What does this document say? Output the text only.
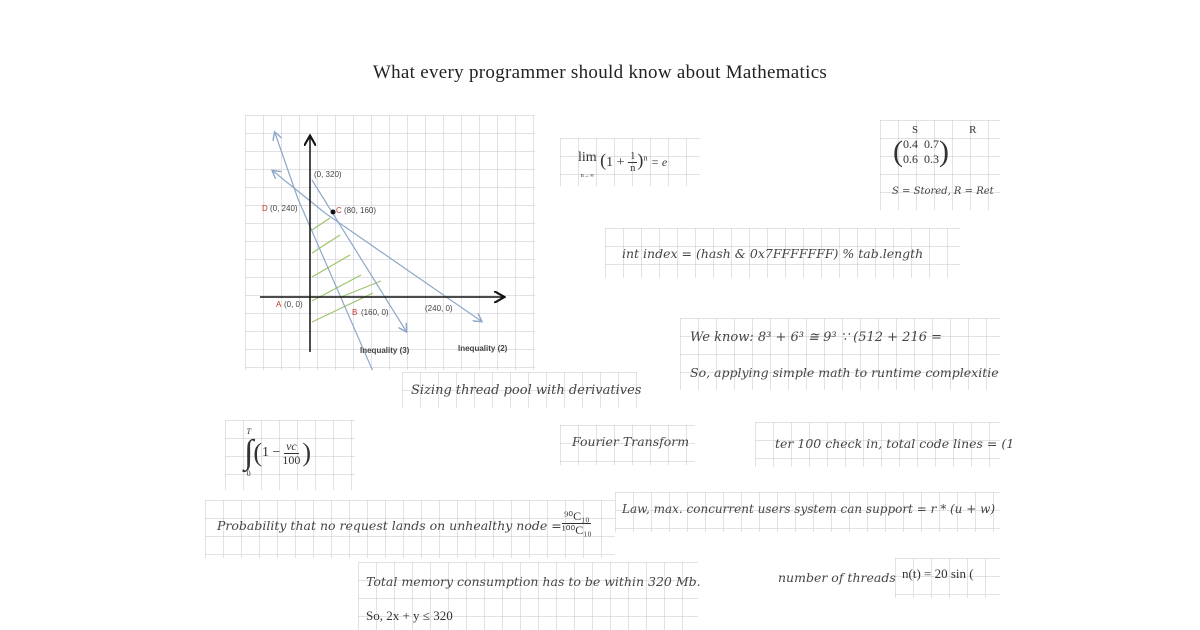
What every programmer should know about Mathematics
(0, 320)
D (0, 240)	C (80, 160)
A (0, 0)
B (160, 0)	(240, 0)
Inequality (3)	Inequality (2)
lim
n→∞ $(1 + \frac{1}{n} )^n = e$
S	R
( 0.4 0.7
0.6 0.3 )
S = Stored, R = Ret
int index = (hash & 0x7FFFFFFF) % tab.length
We know: 8³ + 6³ ≅ 9³ ∵ (512 + 216 =
So, applying simple math to runtime complexitie
Sizing thread pool with derivatives
T
∫
0
( $1 - \frac{vc}{100}$ )	Fourier Transform	ter 100 check in, total code lines = (1
Probability that no request lands on unhealthy node = $\frac{\text{⁹⁰C₁₀}}{\text{¹⁰⁰C₁₀}}$
Law, max. concurrent users system can support = r * (u + w)
Total memory consumption has to be within 320 Mb.
So, 2x + y ≤ 320
number of threads n(t) = 20 sin (
